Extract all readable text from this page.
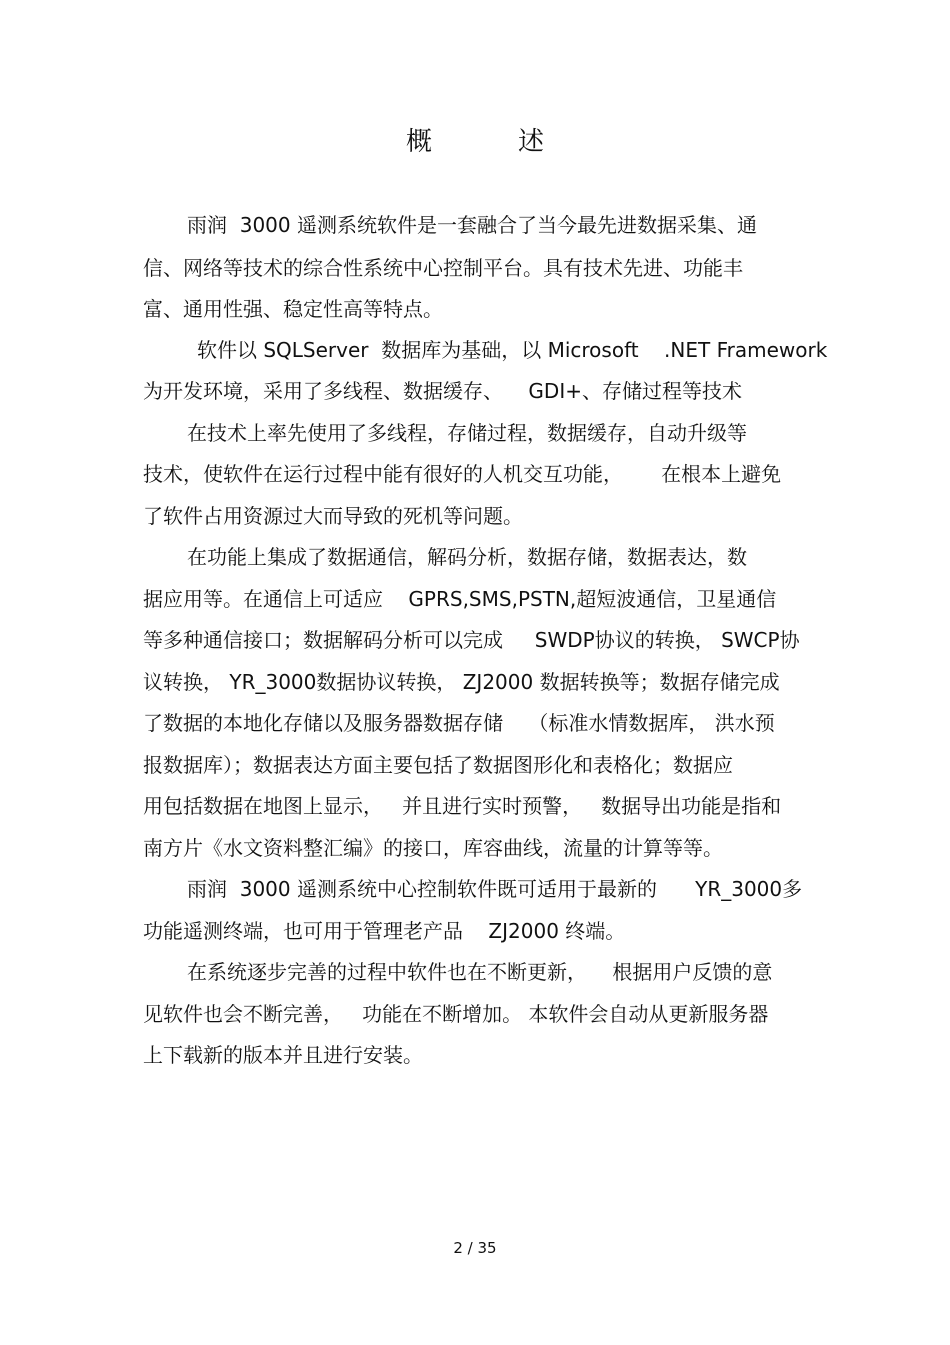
概　述
雨润  3000 遥测系统软件是一套融合了当今最先进数据采集、通
信、网络等技术的综合性系统中心控制平台。具有技术先进、功能丰
富、通用性强、稳定性高等特点。
软件以 SQLServer  数据库为基础，以 Microsoft    .NET Framework
为开发环境，采用了多线程、数据缓存、    GDI+、存储过程等技术
在技术上率先使用了多线程，存储过程，数据缓存，自动升级等
技术，使软件在运行过程中能有很好的人机交互功能，      在根本上避免
了软件占用资源过大而导致的死机等问题。
在功能上集成了数据通信，解码分析，数据存储，数据表达，数
据应用等。在通信上可适应    GPRS,SMS,PSTN,超短波通信，卫星通信
等多种通信接口；数据解码分析可以完成     SWDP协议的转换， SWCP协
议转换， YR_3000数据协议转换， ZJ2000 数据转换等；数据存储完成
了数据的本地化存储以及服务器数据存储    （标准水情数据库， 洪水预
报数据库）；数据表达方面主要包括了数据图形化和表格化；数据应
用包括数据在地图上显示，   并且进行实时预警，   数据导出功能是指和
南方片《水文资料整汇编》的接口，库容曲线，流量的计算等等。
雨润  3000 遥测系统中心控制软件既可适用于最新的      YR_3000多
功能遥测终端，也可用于管理老产品    ZJ2000 终端。
在系统逐步完善的过程中软件也在不断更新，    根据用户反馈的意
见软件也会不断完善，   功能在不断增加。 本软件会自动从更新服务器
上下载新的版本并且进行安装。
2 / 35
